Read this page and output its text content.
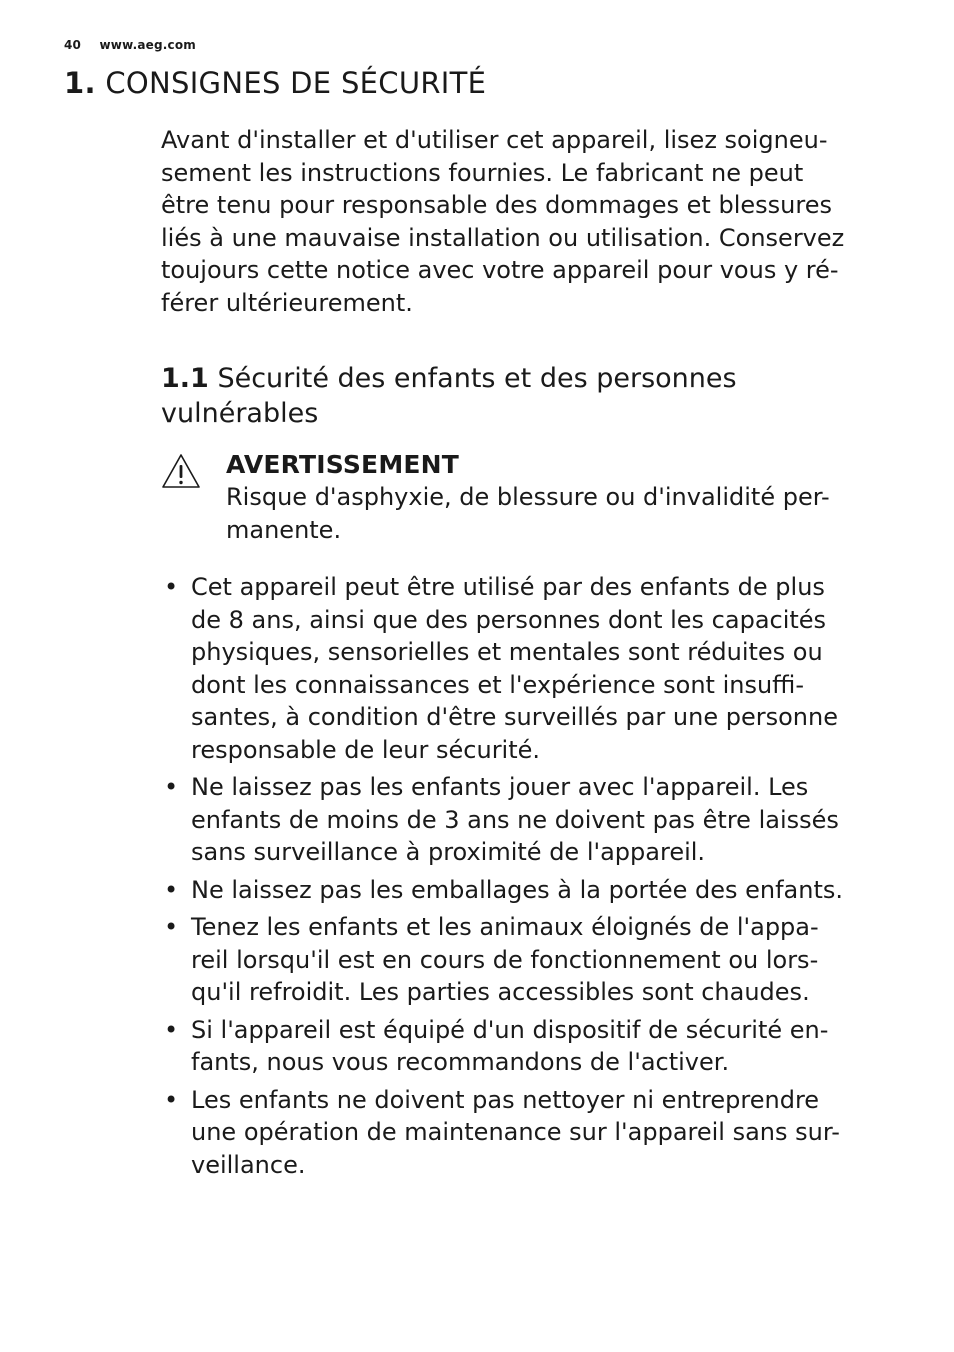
40 www.aeg.com
1. CONSIGNES DE SÉCURITÉ

Avant d'installer et d'utiliser cet appareil, lisez soigneu-

sement les instructions fournies. Le fabricant ne peut

être tenu pour responsable des dommages et blessures

liés à une mauvaise installation ou utilisation. Conservez

toujours cette notice avec votre appareil pour vous y ré-

férer ultérieurement.

1.1 Sécurité des enfants et des personnes
vulnérables
AVERTISSEMENT
Risque d'asphyxie, de blessure ou d'invalidité per-
manente.
• Cet appareil peut être utilisé par des enfants de plus
de 8 ans, ainsi que des personnes dont les capacités
physiques, sensorielles et mentales sont réduites ou
dont les connaissances et l'expérience sont insuffi-
santes, à condition d'être surveillés par une personne
responsable de leur sécurité.
• Ne laissez pas les enfants jouer avec l'appareil. Les
enfants de moins de 3 ans ne doivent pas être laissés
sans surveillance à proximité de l'appareil.
• Ne laissez pas les emballages à la portée des enfants.
• Tenez les enfants et les animaux éloignés de l'appa-
reil lorsqu'il est en cours de fonctionnement ou lors-
qu'il refroidit. Les parties accessibles sont chaudes.
• Si l'appareil est équipé d'un dispositif de sécurité en-
fants, nous vous recommandons de l'activer.
• Les enfants ne doivent pas nettoyer ni entreprendre
une opération de maintenance sur l'appareil sans sur-
veillance.
